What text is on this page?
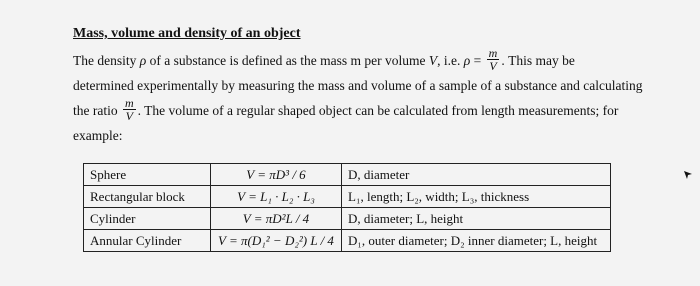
Mass, volume and density of an object
The density ρ of a substance is defined as the mass m per volume V, i.e. $\rho = \frac{m}{V}$ . This may be
determined experimentally by measuring the mass and volume of a sample of a substance and calculating
the ratio $\frac{m}{V}$ . The volume of a regular shaped object can be calculated from length measurements; for
example:
Sphere	V = πD³ / 6	D, diameter
Rectangular block	V = L₁ · L₂ · L₃	L₁, length; L₂, width; L₃, thickness
Cylinder	V = πD²L / 4	D, diameter; L, height
Annular Cylinder	V = π(D₁² − D₂²) L / 4	D₁, outer diameter; D₂ inner diameter; L, height
